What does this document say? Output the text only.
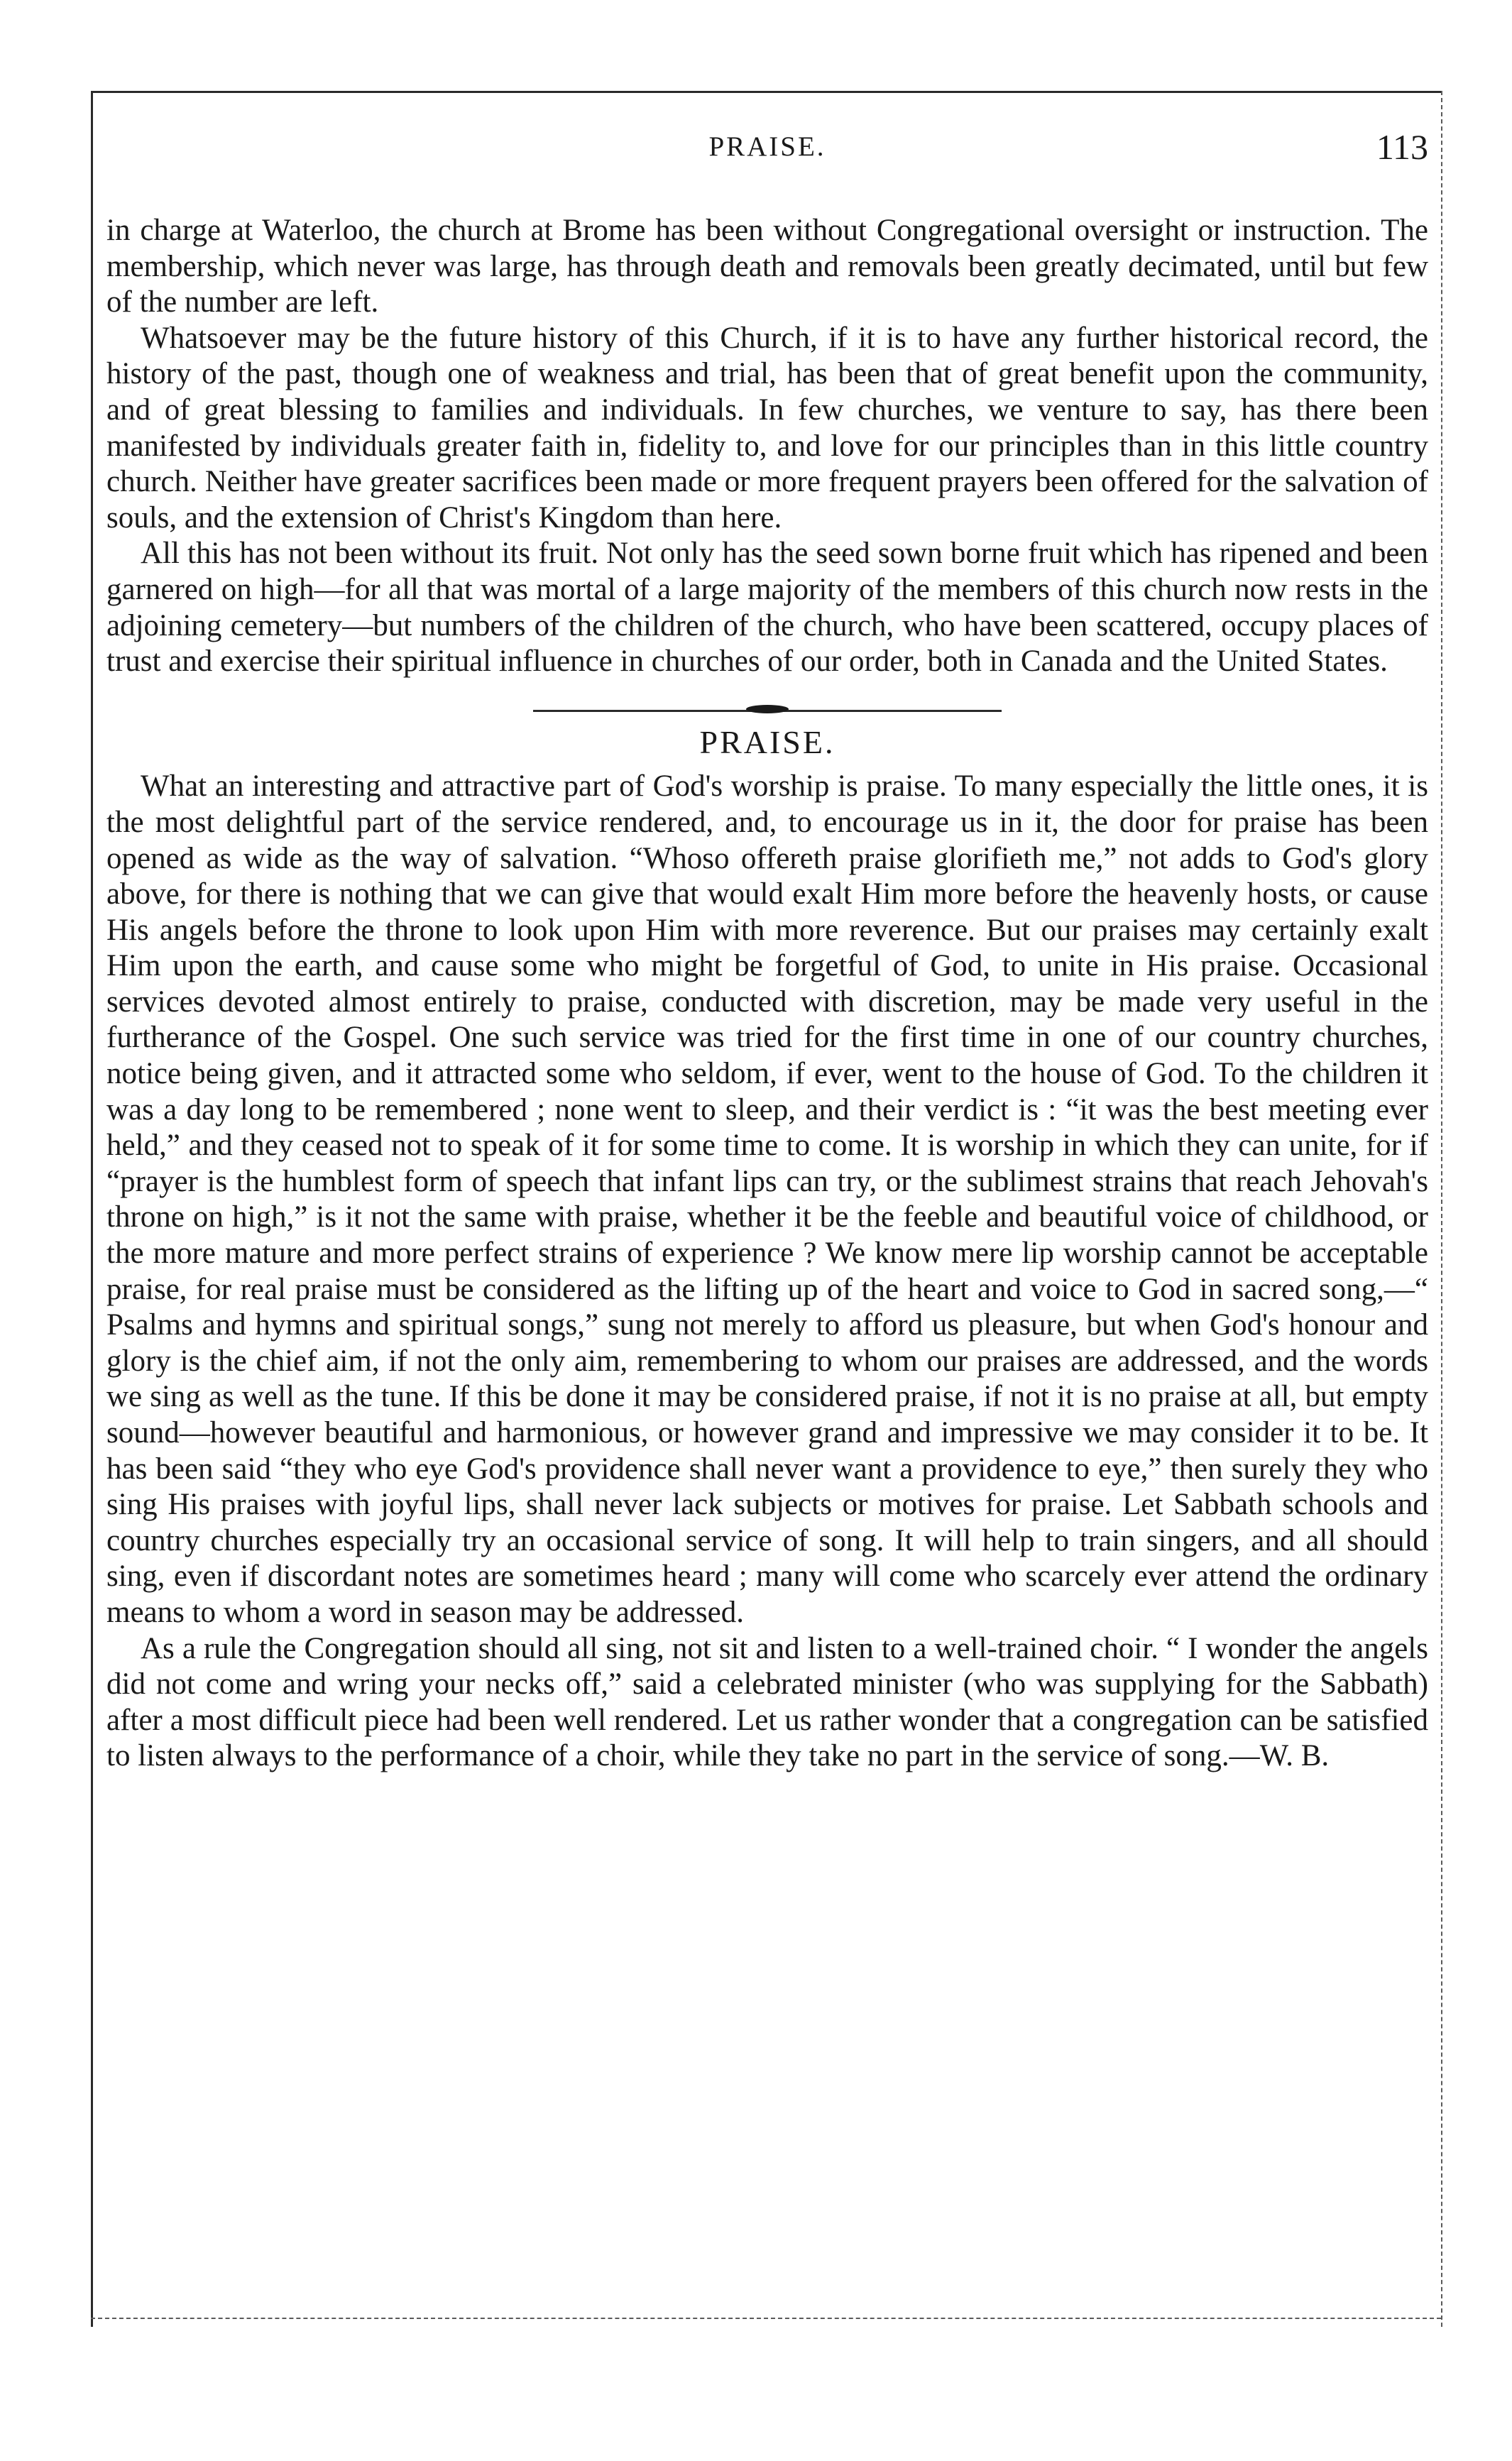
PRAISE.	113

in charge at Waterloo, the church at Brome has been without Congregational oversight or instruction. The membership, which never was large, has through death and removals been greatly decimated, until but few of the number are left.

Whatsoever may be the future history of this Church, if it is to have any further historical record, the history of the past, though one of weakness and trial, has been that of great benefit upon the community, and of great blessing to families and individuals. In few churches, we venture to say, has there been manifested by individuals greater faith in, fidelity to, and love for our principles than in this little country church. Neither have greater sacrifices been made or more frequent prayers been offered for the salvation of souls, and the extension of Christ's Kingdom than here.

All this has not been without its fruit. Not only has the seed sown borne fruit which has ripened and been garnered on high—for all that was mortal of a large majority of the members of this church now rests in the adjoining cemetery—but numbers of the children of the church, who have been scattered, occupy places of trust and exercise their spiritual influence in churches of our order, both in Canada and the United States.

PRAISE.

What an interesting and attractive part of God's worship is praise. To many especially the little ones, it is the most delightful part of the service rendered, and, to encourage us in it, the door for praise has been opened as wide as the way of salvation. “Whoso offereth praise glorifieth me,” not adds to God's glory above, for there is nothing that we can give that would exalt Him more before the heavenly hosts, or cause His angels before the throne to look upon Him with more reverence. But our praises may certainly exalt Him upon the earth, and cause some who might be forgetful of God, to unite in His praise. Occasional services devoted almost entirely to praise, conducted with discretion, may be made very useful in the furtherance of the Gospel. One such service was tried for the first time in one of our country churches, notice being given, and it attracted some who seldom, if ever, went to the house of God. To the children it was a day long to be remembered ; none went to sleep, and their verdict is : “it was the best meeting ever held,” and they ceased not to speak of it for some time to come. It is worship in which they can unite, for if “prayer is the humblest form of speech that infant lips can try, or the sublimest strains that reach Jehovah's throne on high,” is it not the same with praise, whether it be the feeble and beautiful voice of childhood, or the more mature and more perfect strains of experience ? We know mere lip worship cannot be acceptable praise, for real praise must be considered as the lifting up of the heart and voice to God in sacred song,—“ Psalms and hymns and spiritual songs,” sung not merely to afford us pleasure, but when God's honour and glory is the chief aim, if not the only aim, remembering to whom our praises are addressed, and the words we sing as well as the tune. If this be done it may be considered praise, if not it is no praise at all, but empty sound—however beautiful and harmonious, or however grand and impressive we may consider it to be. It has been said “they who eye God's providence shall never want a providence to eye,” then surely they who sing His praises with joyful lips, shall never lack subjects or motives for praise. Let Sabbath schools and country churches especially try an occasional service of song. It will help to train singers, and all should sing, even if discordant notes are sometimes heard ; many will come who scarcely ever attend the ordinary means to whom a word in season may be addressed.

As a rule the Congregation should all sing, not sit and listen to a well-trained choir. “ I wonder the angels did not come and wring your necks off,” said a celebrated minister (who was supplying for the Sabbath) after a most difficult piece had been well rendered. Let us rather wonder that a congregation can be satisfied to listen always to the performance of a choir, while they take no part in the service of song.—W. B.
